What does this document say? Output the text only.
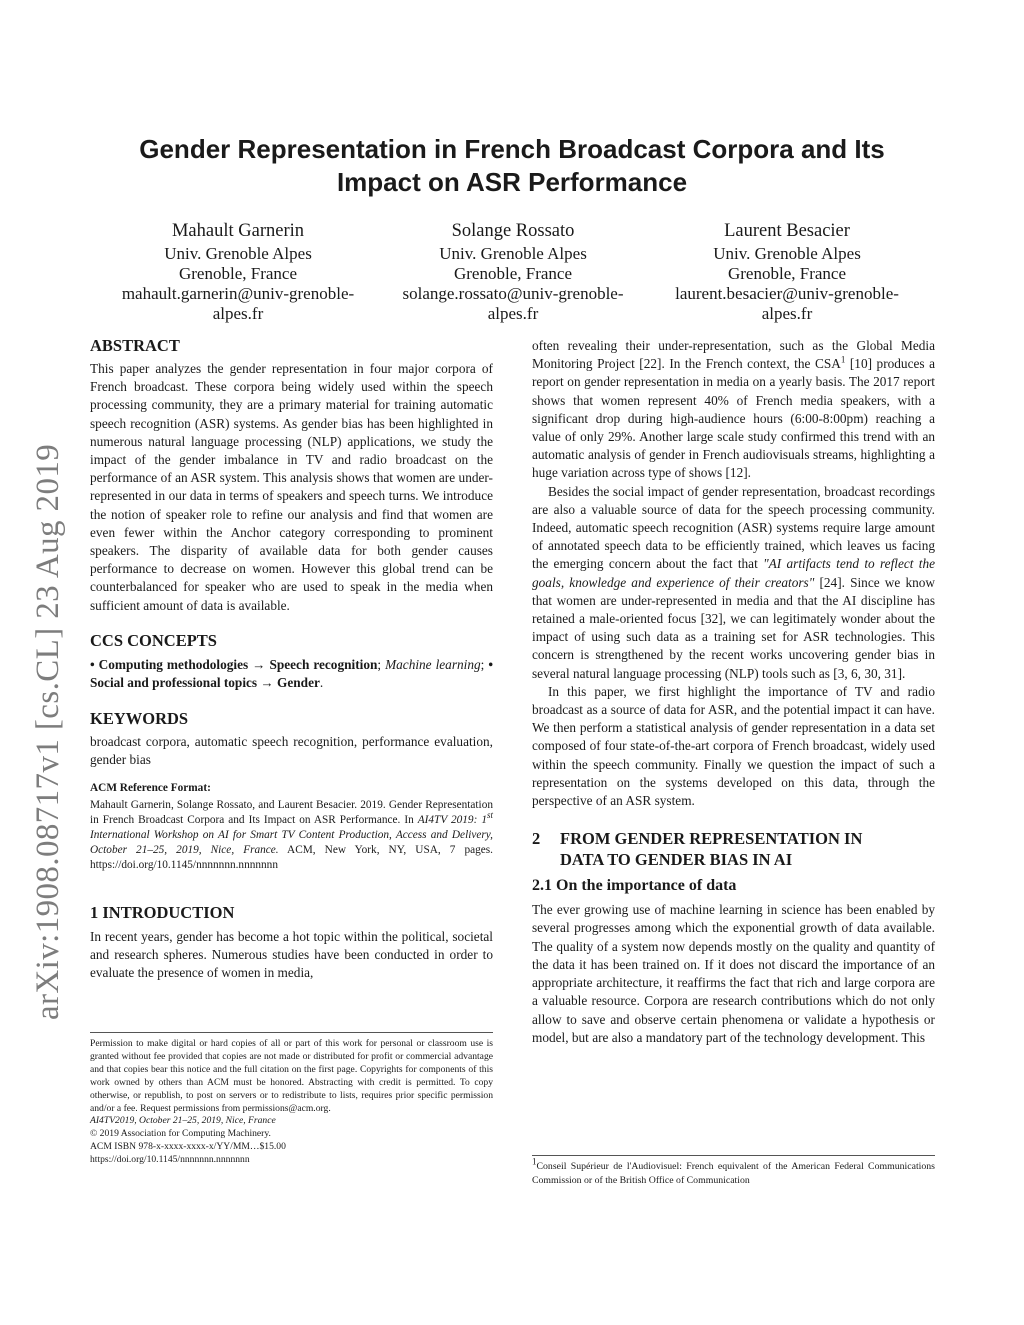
Gender Representation in French Broadcast Corpora and Its Impact on ASR Performance
Mahault Garnerin
Univ. Grenoble Alpes
Grenoble, France
mahault.garnerin@univ-grenoble-
alpes.fr
Solange Rossato
Univ. Grenoble Alpes
Grenoble, France
solange.rossato@univ-grenoble-
alpes.fr
Laurent Besacier
Univ. Grenoble Alpes
Grenoble, France
laurent.besacier@univ-grenoble-
alpes.fr
arXiv:1908.08717v1 [cs.CL] 23 Aug 2019
ABSTRACT

This paper analyzes the gender representation in four major corpora of French broadcast. These corpora being widely used within the speech processing community, they are a primary material for training automatic speech recognition (ASR) systems. As gender bias has been highlighted in numerous natural language processing (NLP) applications, we study the impact of the gender imbalance in TV and radio broadcast on the performance of an ASR system. This analysis shows that women are under-represented in our data in terms of speakers and speech turns. We introduce the notion of speaker role to refine our analysis and find that women are even fewer within the Anchor category corresponding to prominent speakers. The disparity of available data for both gender causes performance to decrease on women. However this global trend can be counterbalanced for speaker who are used to speak in the media when sufficient amount of data is available.

CCS CONCEPTS

• Computing methodologies → Speech recognition; Machine learning; • Social and professional topics → Gender.

KEYWORDS

broadcast corpora, automatic speech recognition, performance evaluation, gender bias

ACM Reference Format:

Mahault Garnerin, Solange Rossato, and Laurent Besacier. 2019. Gender Representation in French Broadcast Corpora and Its Impact on ASR Performance. In AI4TV 2019: 1st International Workshop on AI for Smart TV Content Production, Access and Delivery, October 21–25, 2019, Nice, France. ACM, New York, NY, USA, 7 pages. https://doi.org/10.1145/nnnnnnn.nnnnnnn

1 INTRODUCTION

In recent years, gender has become a hot topic within the political, societal and research spheres. Numerous studies have been conducted in order to evaluate the presence of women in media,

Permission to make digital or hard copies of all or part of this work for personal or classroom use is granted without fee provided that copies are not made or distributed for profit or commercial advantage and that copies bear this notice and the full citation on the first page. Copyrights for components of this work owned by others than ACM must be honored. Abstracting with credit is permitted. To copy otherwise, or republish, to post on servers or to redistribute to lists, requires prior specific permission and/or a fee. Request permissions from permissions@acm.org.

AI4TV2019, October 21–25, 2019, Nice, France

© 2019 Association for Computing Machinery.

ACM ISBN 978-x-xxxx-xxxx-x/YY/MM…$15.00

https://doi.org/10.1145/nnnnnnn.nnnnnnn

often revealing their under-representation, such as the Global Media Monitoring Project [22]. In the French context, the CSA$^1$ [10] produces a report on gender representation in media on a yearly basis. The 2017 report shows that women represent 40% of French media speakers, with a significant drop during high-audience hours (6:00-8:00pm) reaching a value of only 29%. Another large scale study confirmed this trend with an automatic analysis of gender in French audiovisuals streams, highlighting a huge variation across type of shows [12].

Besides the social impact of gender representation, broadcast recordings are also a valuable source of data for the speech processing community. Indeed, automatic speech recognition (ASR) systems require large amount of annotated speech data to be efficiently trained, which leaves us facing the emerging concern about the fact that "AI artifacts tend to reflect the goals, knowledge and experience of their creators" [24]. Since we know that women are under-represented in media and that the AI discipline has retained a male-oriented focus [32], we can legitimately wonder about the impact of using such data as a training set for ASR technologies. This concern is strengthened by the recent works uncovering gender bias in several natural language processing (NLP) tools such as [3, 6, 30, 31].

In this paper, we first highlight the importance of TV and radio broadcast as a source of data for ASR, and the potential impact it can have. We then perform a statistical analysis of gender representation in a data set composed of four state-of-the-art corpora of French broadcast, widely used within the speech community. Finally we question the impact of such a representation on the systems developed on this data, through the perspective of an ASR system.

2	FROM GENDER REPRESENTATION IN
DATA TO GENDER BIAS IN AI
2.1 On the importance of data

The ever growing use of machine learning in science has been enabled by several progresses among which the exponential growth of data available. The quality of a system now depends mostly on the quality and quantity of the data it has been trained on. If it does not discard the importance of an appropriate architecture, it reaffirms the fact that rich and large corpora are a valuable resource. Corpora are research contributions which do not only allow to save and observe certain phenomena or validate a hypothesis or model, but are also a mandatory part of the technology development. This

$^1$Conseil Supérieur de l'Audiovisuel: French equivalent of the American Federal Communications Commission or of the British Office of Communication
